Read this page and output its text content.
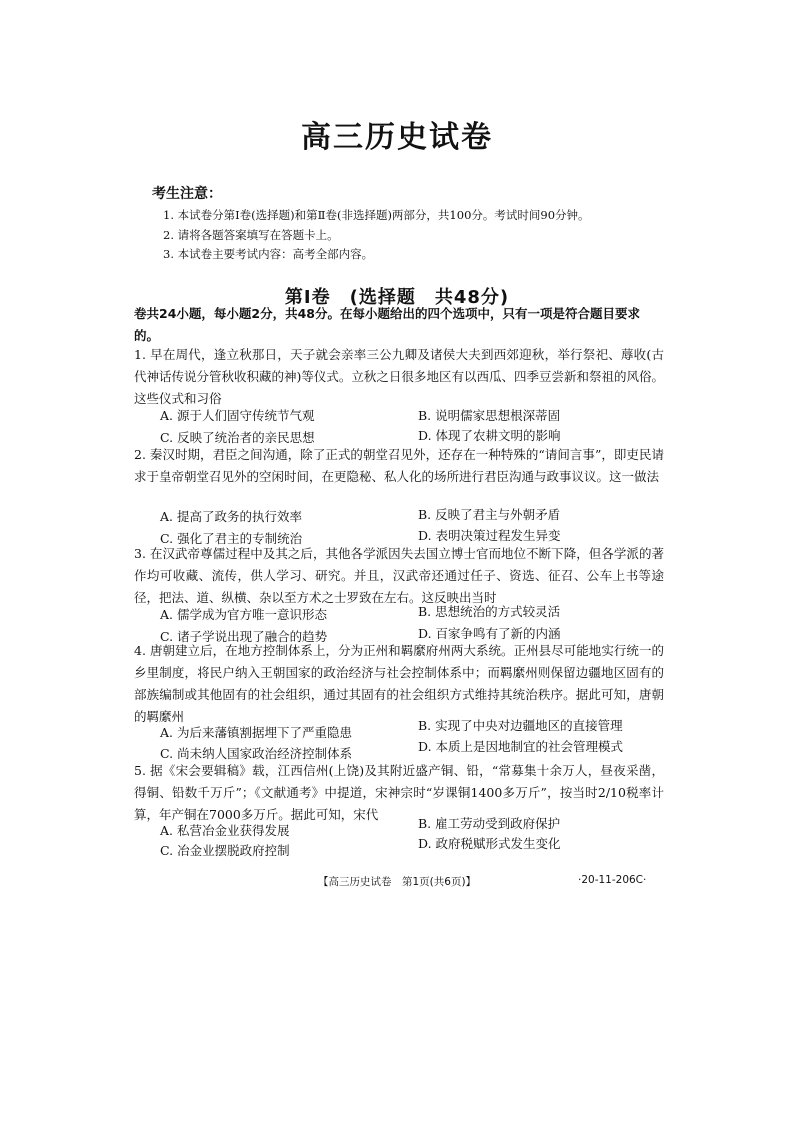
高三历史试卷
考生注意：
1. 本试卷分第Ⅰ卷(选择题)和第Ⅱ卷(非选择题)两部分，共100分。考试时间90分钟。
2. 请将各题答案填写在答题卡上。
3. 本试卷主要考试内容：高考全部内容。
第Ⅰ卷　(选择题　共48分)
卷共24小题，每小题2分，共48分。在每小题给出的四个选项中，只有一项是符合题目要求的。
1. 早在周代，逢立秋那日，天子就会亲率三公九卿及诸侯大夫到西郊迎秋，举行祭祀、蓐收(古代神话传说分管秋收积藏的神)等仪式。立秋之日很多地区有以西瓜、四季豆尝新和祭祖的风俗。这些仪式和习俗
A. 源于人们固守传统节气观	B. 说明儒家思想根深蒂固
C. 反映了统治者的亲民思想	D. 体现了农耕文明的影响
2. 秦汉时期，君臣之间沟通，除了正式的朝堂召见外，还存在一种特殊的“请间言事”，即吏民请求于皇帝朝堂召见外的空闲时间，在更隐秘、私人化的场所进行君臣沟通与政事议议。这一做法
A. 提高了政务的执行效率	B. 反映了君主与外朝矛盾
C. 强化了君主的专制统治	D. 表明决策过程发生异变
3. 在汉武帝尊儒过程中及其之后，其他各学派因失去国立博士官而地位不断下降，但各学派的著作均可收藏、流传，供人学习、研究。并且，汉武帝还通过任子、资选、征召、公车上书等途径，把法、道、纵横、杂以至方术之士罗致在左右。这反映出当时
A. 儒学成为官方唯一意识形态	B. 思想统治的方式较灵活
C. 诸子学说出现了融合的趋势	D. 百家争鸣有了新的内涵
4. 唐朝建立后，在地方控制体系上，分为正州和羁縻府州两大系统。正州县尽可能地实行统一的乡里制度，将民户纳入王朝国家的政治经济与社会控制体系中；而羁縻州则保留边疆地区固有的部族编制或其他固有的社会组织，通过其固有的社会组织方式维持其统治秩序。据此可知，唐朝的羁縻州
A. 为后来藩镇割据埋下了严重隐患	B. 实现了中央对边疆地区的直接管理
C. 尚未纳人国家政治经济控制体系	D. 本质上是因地制宜的社会管理模式
5. 据《宋会要辑稿》载，江西信州(上饶)及其附近盛产铜、铅，“常募集十余万人，昼夜采凿，得铜、铅数千万斤”；《文献通考》中提道，宋神宗时“岁课铜1400多万斤”，按当时2/10税率计算，年产铜在7000多万斤。据此可知，宋代
A. 私营冶金业获得发展	B. 雇工劳动受到政府保护
C. 冶金业摆脱政府控制	D. 政府税赋形式发生变化
【高三历史试卷　第1页(共6页)】	·20-11-206C·
